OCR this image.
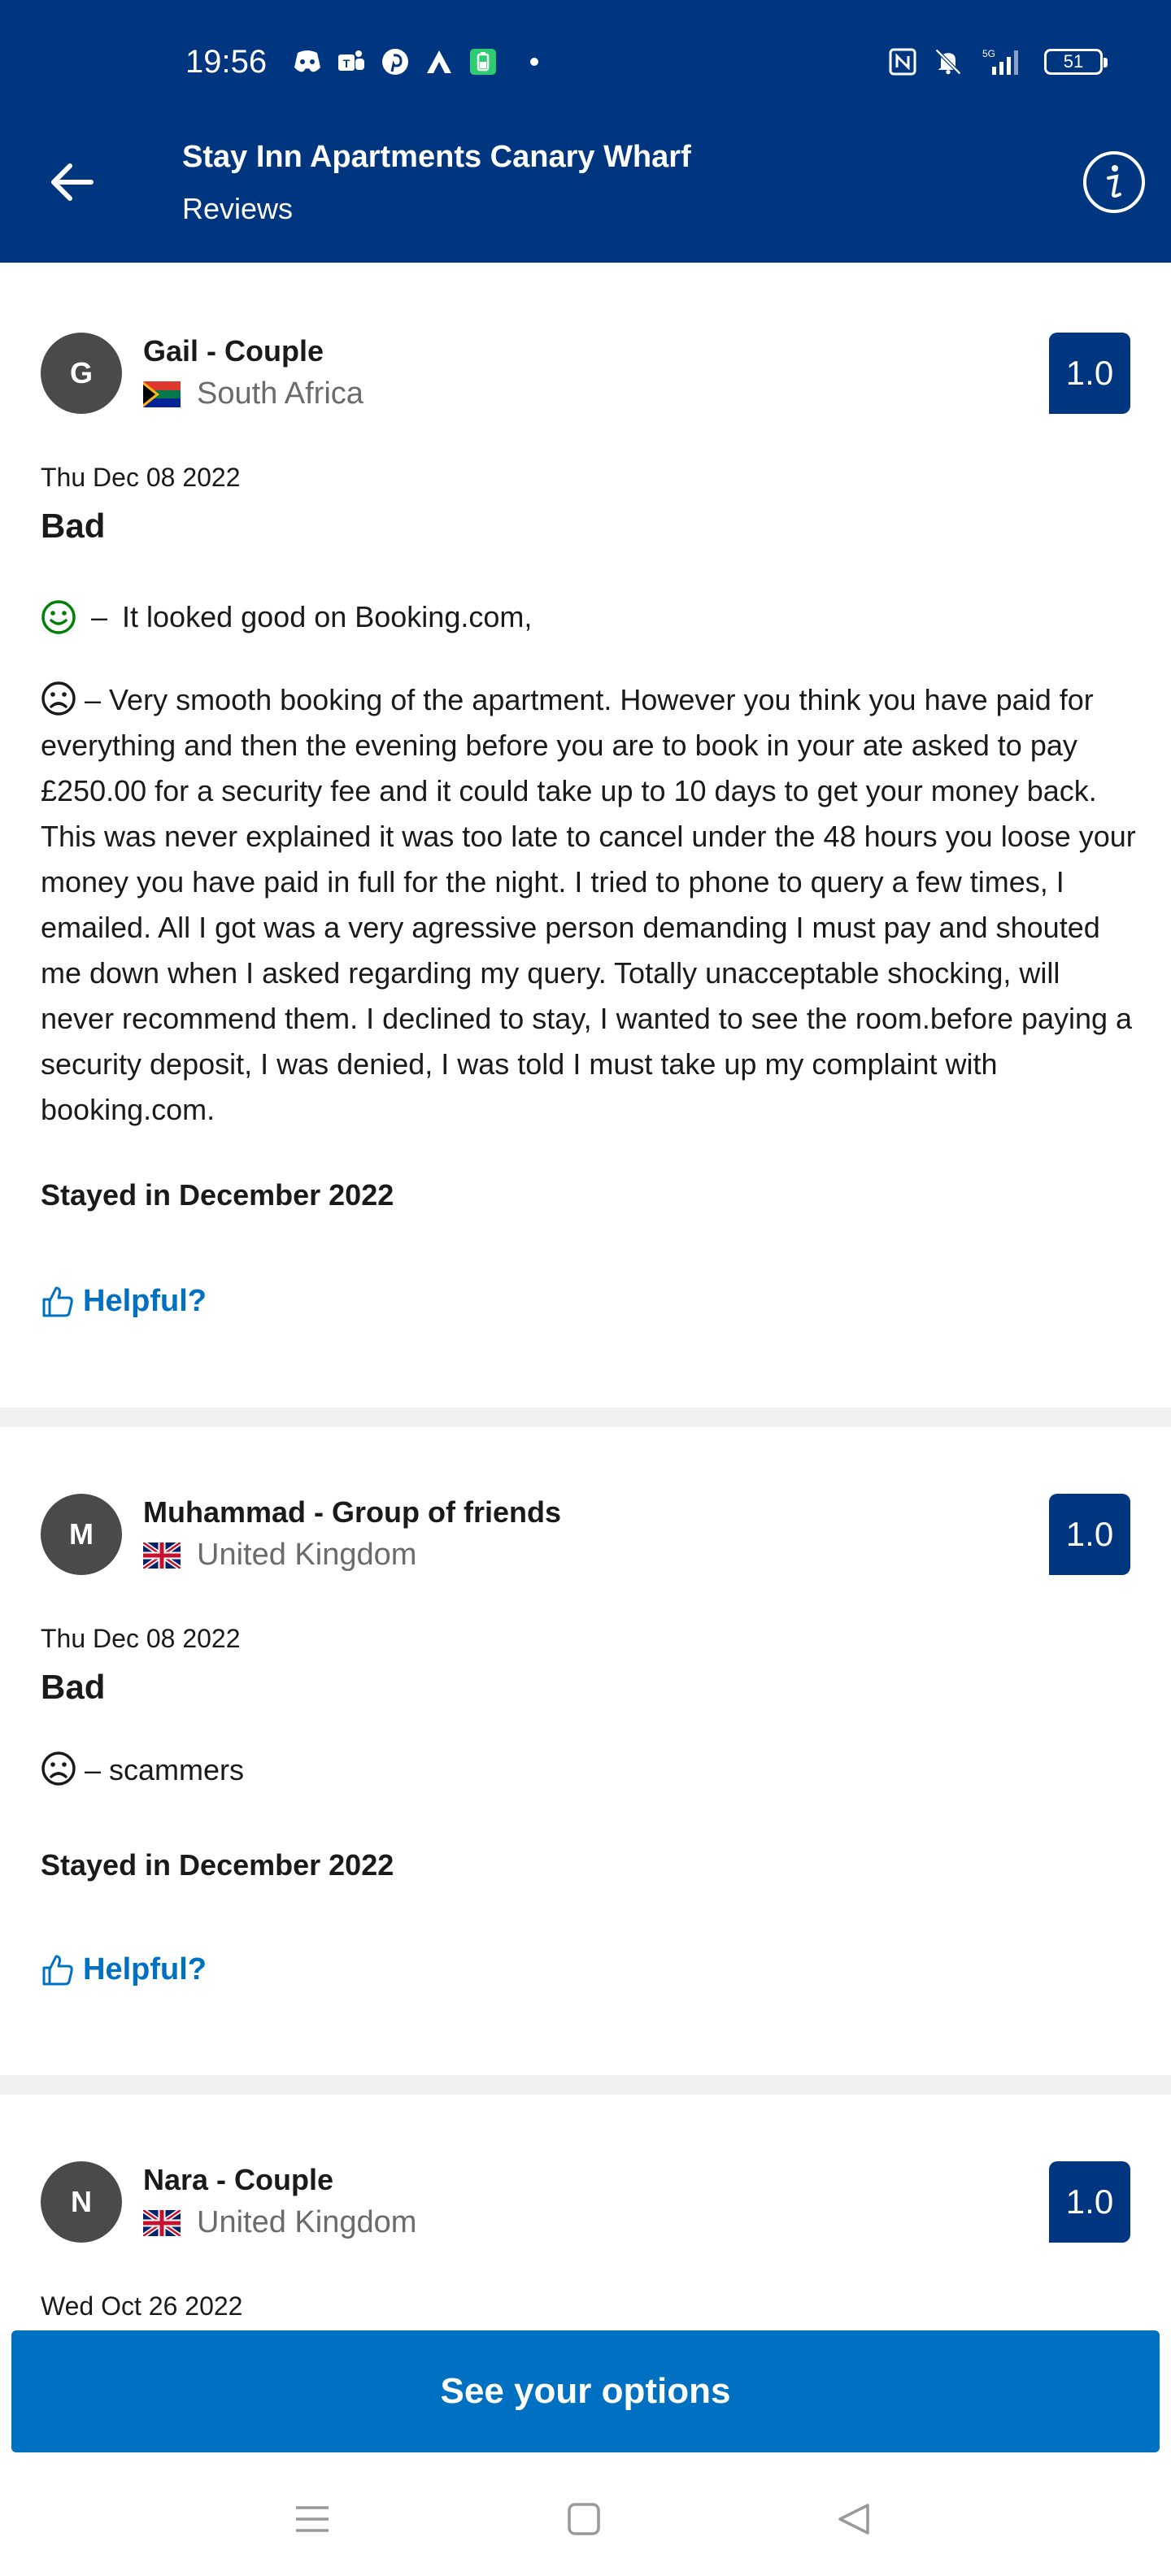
19:56	T
5G	51
Stay Inn Apartments Canary Wharf
Reviews
G
Gail - Couple
South Africa
1.0
Thu Dec 08 2022
Bad
– It looked good on Booking.com,
– Very smooth booking of the apartment. However you think you have paid for everything and then the evening before you are to book in your ate asked to pay £250.00 for a security fee and it could take up to 10 days to get your money back. This was never explained it was too late to cancel under the 48 hours you loose your money you have paid in full for the night. I tried to phone to query a few times, I emailed. All I got was a very agressive person demanding I must pay and shouted me down when I asked regarding my query. Totally unacceptable shocking, will never recommend them. I declined to stay, I wanted to see the room.before paying a security deposit, I was denied, I was told I must take up my complaint with booking.com.
Stayed in December 2022
Helpful?
M
Muhammad - Group of friends
United Kingdom
1.0
Thu Dec 08 2022
Bad
– scammers
Stayed in December 2022
Helpful?
N
Nara - Couple
United Kingdom
1.0
Wed Oct 26 2022
See your options
